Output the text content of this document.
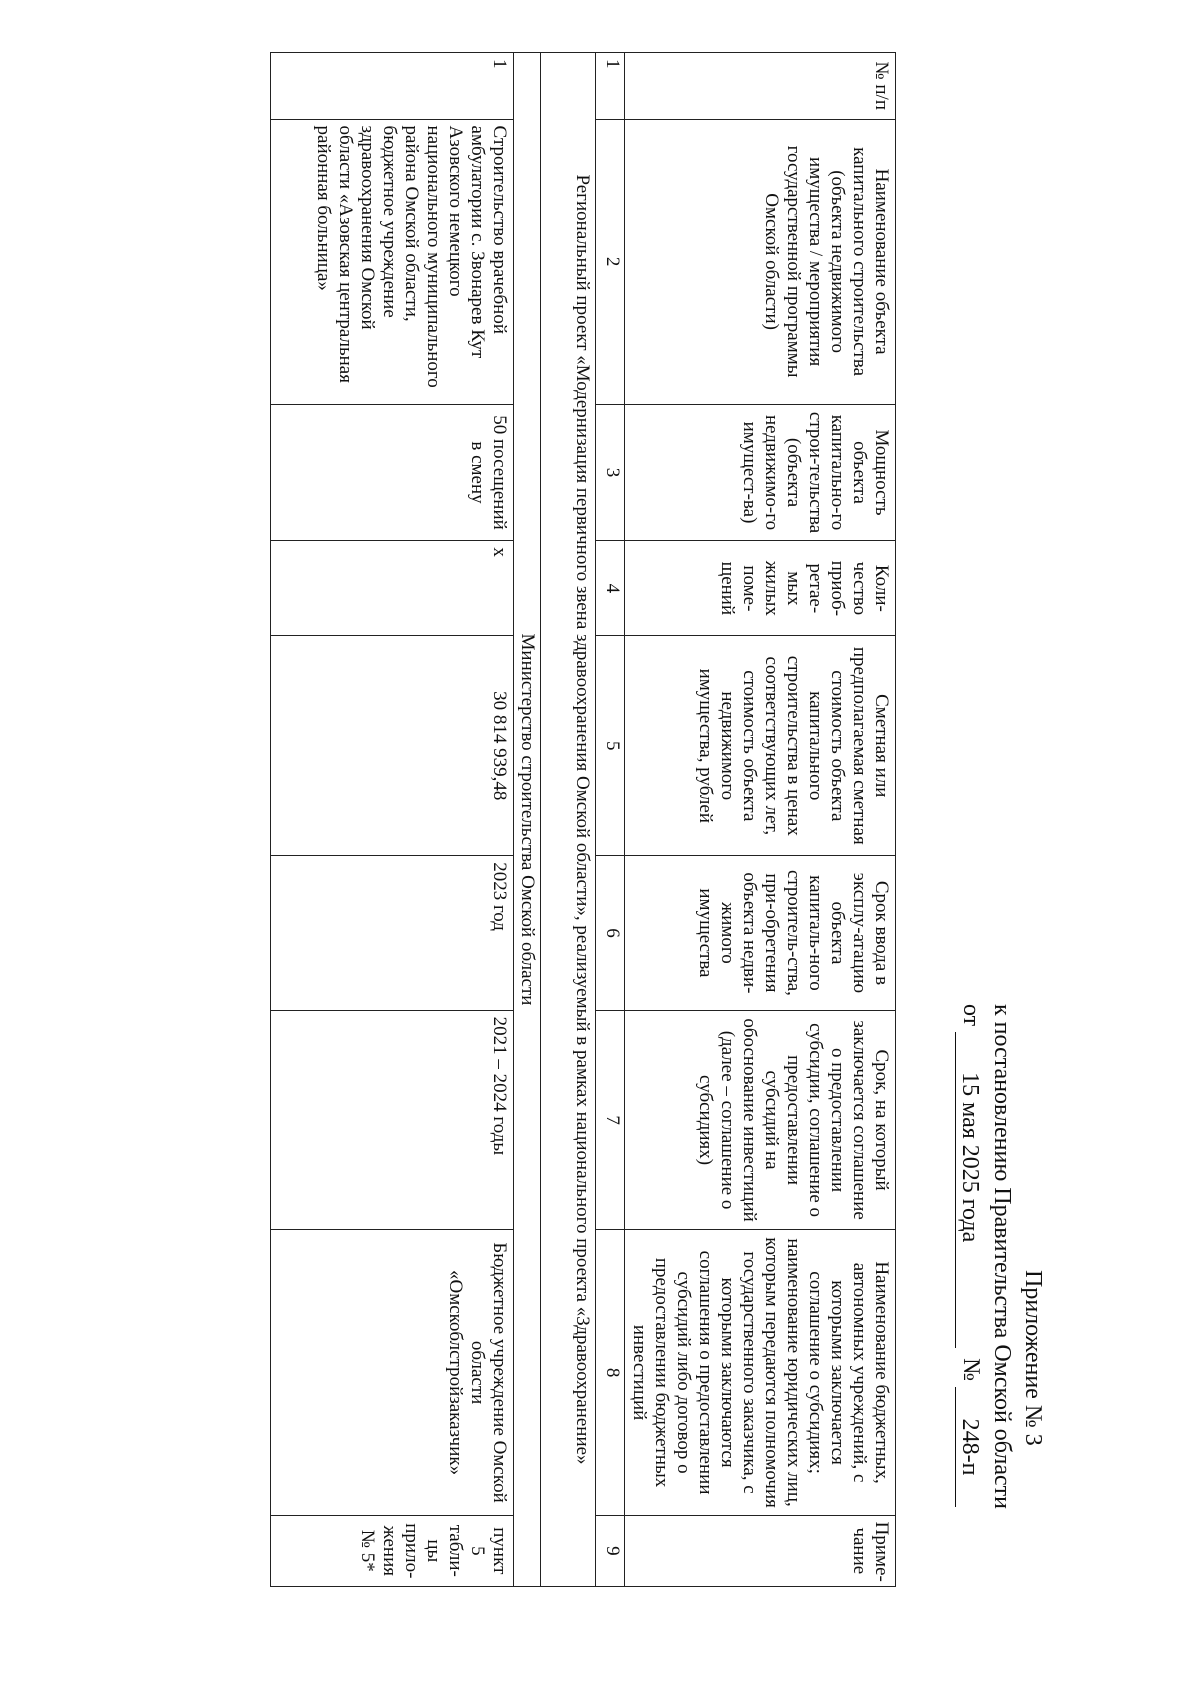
Приложение № 3
к постановлению Правительства Омской области
от
15 мая 2025 года
№
248-п
№ п/п	Наименование объекта капитального строительства (объекта недвижимого имущества / мероприятия государственной программы Омской области)	Мощность объекта капитально-го строи-тельства (объекта недвижимо-го имущест-ва)	Коли-чество приоб-ретае-мых жилых поме-щений	Сметная или предполагаемая сметная стоимость объекта капитального строительства в ценах соответствующих лет, стоимость объекта недвижимого имущества, рублей	Срок ввода в эксплу-атацию объекта капиталь-ного строитель-ства, при-обретения объекта недви-жимого имущества	Срок, на который заключается соглашение о предоставлении субсидии, соглашение о предоставлении субсидий на обоснование инвестиций (далее – соглашение о субсидиях)	Наименование бюджетных, автономных учреждений, с которыми заключается соглашение о субсидиях; наименование юридических лиц, которым передаются полномочия государственного заказчика, с которыми заключаются соглашения о предоставлении субсидий либо договор о предоставлении бюджетных инвестиций	Приме-чание
1	2	3	4	5	6	7	8	9
Региональный проект «Модернизация первичного звена здравоохранения Омской области», реализуемый в рамках национального проекта «Здравоохранение»								
Министерство строительства Омской области								
1	Строительство врачебной амбулатории с. Звонарев Кут Азовского немецкого национального муниципального района Омской области, бюджетное учреждение здравоохранения Омской области «Азовская центральная районная больница»	50 посещений в смену	х	30 814 939,48	2023 год	2021 – 2024 годы	Бюджетное учреждение Омской области «Омскоблстройзаказчик»	пункт 5 табли-цы прило-жения № 5*
